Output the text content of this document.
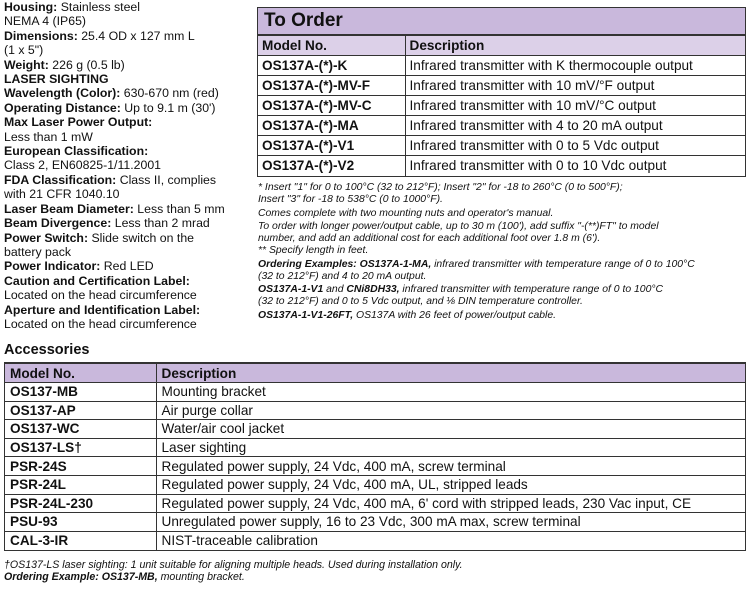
Housing: Stainless steel
NEMA 4 (IP65)
Dimensions: 25.4 OD x 127 mm L
(1 x 5")
Weight: 226 g (0.5 lb)
LASER SIGHTING
Wavelength (Color): 630-670 nm (red)
Operating Distance: Up to 9.1 m (30')
Max Laser Power Output:
Less than 1 mW
European Classification:
Class 2, EN60825-1/11.2001
FDA Classification: Class II, complies
with 21 CFR 1040.10
Laser Beam Diameter: Less than 5 mm
Beam Divergence: Less than 2 mrad
Power Switch: Slide switch on the
battery pack
Power Indicator: Red LED
Caution and Certification Label:
Located on the head circumference
Aperture and Identification Label:
Located on the head circumference
To Order
Model No.	Description
OS137A-(*)-K	Infrared transmitter with K thermocouple output
OS137A-(*)-MV-F	Infrared transmitter with 10 mV/°F output
OS137A-(*)-MV-C	Infrared transmitter with 10 mV/°C output
OS137A-(*)-MA	Infrared transmitter with 4 to 20 mA output
OS137A-(*)-V1	Infrared transmitter with 0 to 5 Vdc output
OS137A-(*)-V2	Infrared transmitter with 0 to 10 Vdc output
* Insert "1" for 0 to 100°C (32 to 212°F); Insert "2" for -18 to 260°C (0 to 500°F);
Insert "3" for -18 to 538°C (0 to 1000°F).
Comes complete with two mounting nuts and operator's manual.
To order with longer power/output cable, up to 30 m (100'), add suffix "-(**)FT" to model
number, and add an additional cost for each additional foot over 1.8 m (6').
** Specify length in feet.
Ordering Examples: OS137A-1-MA, infrared transmitter with temperature range of 0 to 100°C
(32 to 212°F) and 4 to 20 mA output.
OS137A-1-V1 and CNi8DH33, infrared transmitter with temperature range of 0 to 100°C
(32 to 212°F) and 0 to 5 Vdc output, and ⅛ DIN temperature controller.
OS137A-1-V1-26FT, OS137A with 26 feet of power/output cable.
Accessories
Model No.	Description
OS137-MB	Mounting bracket
OS137-AP	Air purge collar
OS137-WC	Water/air cool jacket
OS137-LS†	Laser sighting
PSR-24S	Regulated power supply, 24 Vdc, 400 mA, screw terminal
PSR-24L	Regulated power supply, 24 Vdc, 400 mA, UL, stripped leads
PSR-24L-230	Regulated power supply, 24 Vdc, 400 mA, 6' cord with stripped leads, 230 Vac input, CE
PSU-93	Unregulated power supply, 16 to 23 Vdc, 300 mA max, screw terminal
CAL-3-IR	NIST-traceable calibration
†OS137-LS laser sighting: 1 unit suitable for aligning multiple heads. Used during installation only.
Ordering Example: OS137-MB, mounting bracket.
